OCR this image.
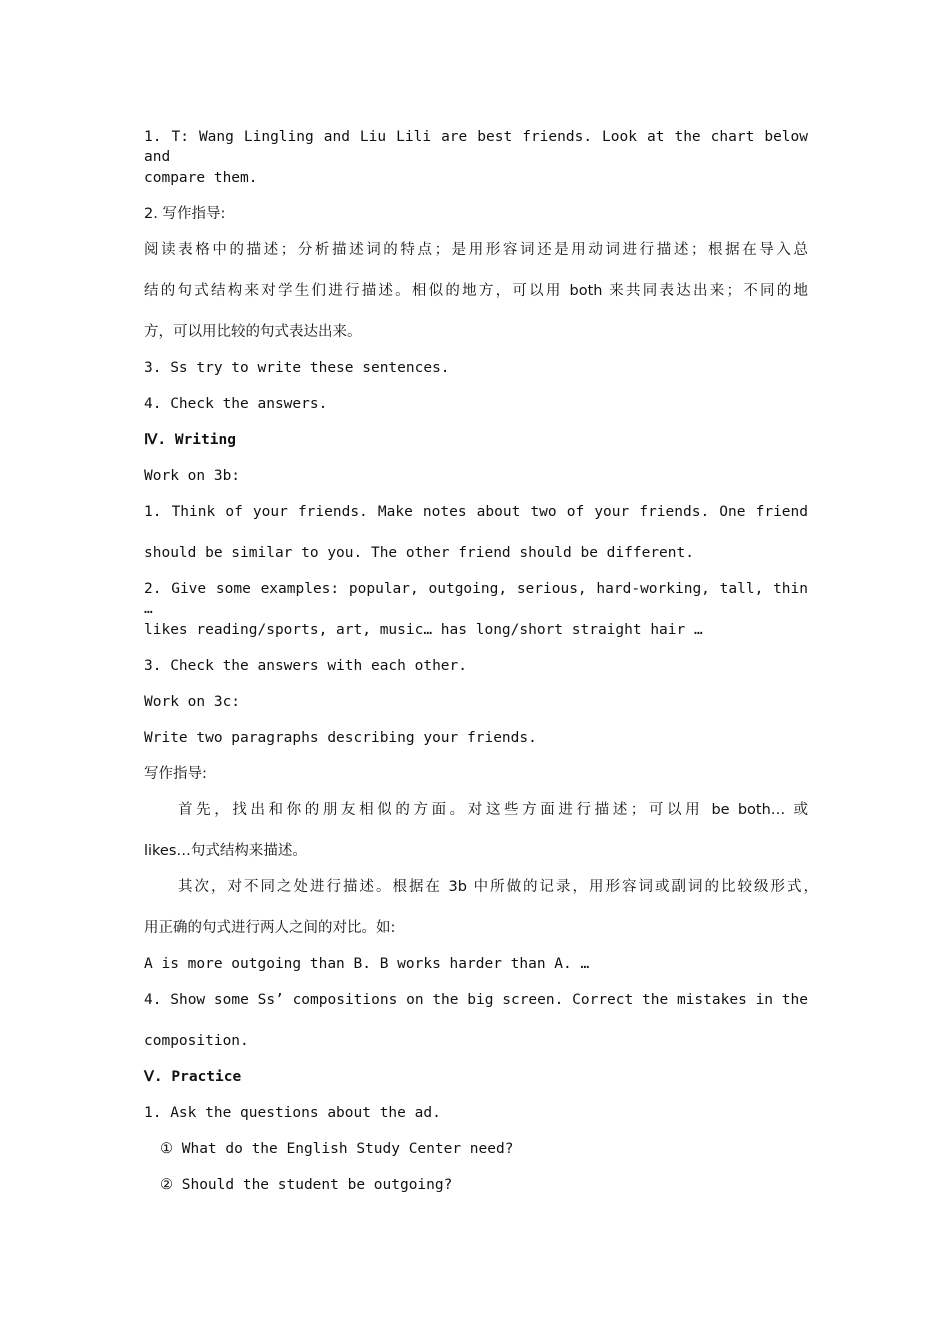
1. T: Wang Lingling and Liu Lili are best friends. Look at the chart below and
compare them.
2. 写作指导:
阅读表格中的描述；分析描述词的特点；是用形容词还是用动词进行描述；根据在导入总
结的句式结构来对学生们进行描述。相似的地方，可以用 both 来共同表达出来；不同的地
方，可以用比较的句式表达出来。
3. Ss try to write these sentences.
4. Check the answers.
Ⅳ. Writing
Work on 3b:
1. Think of your friends. Make notes about two of your friends. One friend
should be similar to you. The other friend should be different.
2. Give some examples: popular, outgoing, serious, hard-working, tall, thin …
likes reading/sports, art, music… has long/short straight hair …
3. Check the answers with each other.
Work on 3c:
Write two paragraphs describing your friends.
写作指导:
首先，找出和你的朋友相似的方面。对这些方面进行描述；可以用 be both… 或
likes…句式结构来描述。
其次，对不同之处进行描述。根据在 3b 中所做的记录，用形容词或副词的比较级形式，
用正确的句式进行两人之间的对比。如:
A is more outgoing than B. B works harder than A. …
4. Show some Ss’ compositions on the big screen. Correct the mistakes in the
composition.
Ⅴ. Practice
1. Ask the questions about the ad.
① What do the English Study Center need?
② Should the student be outgoing?
